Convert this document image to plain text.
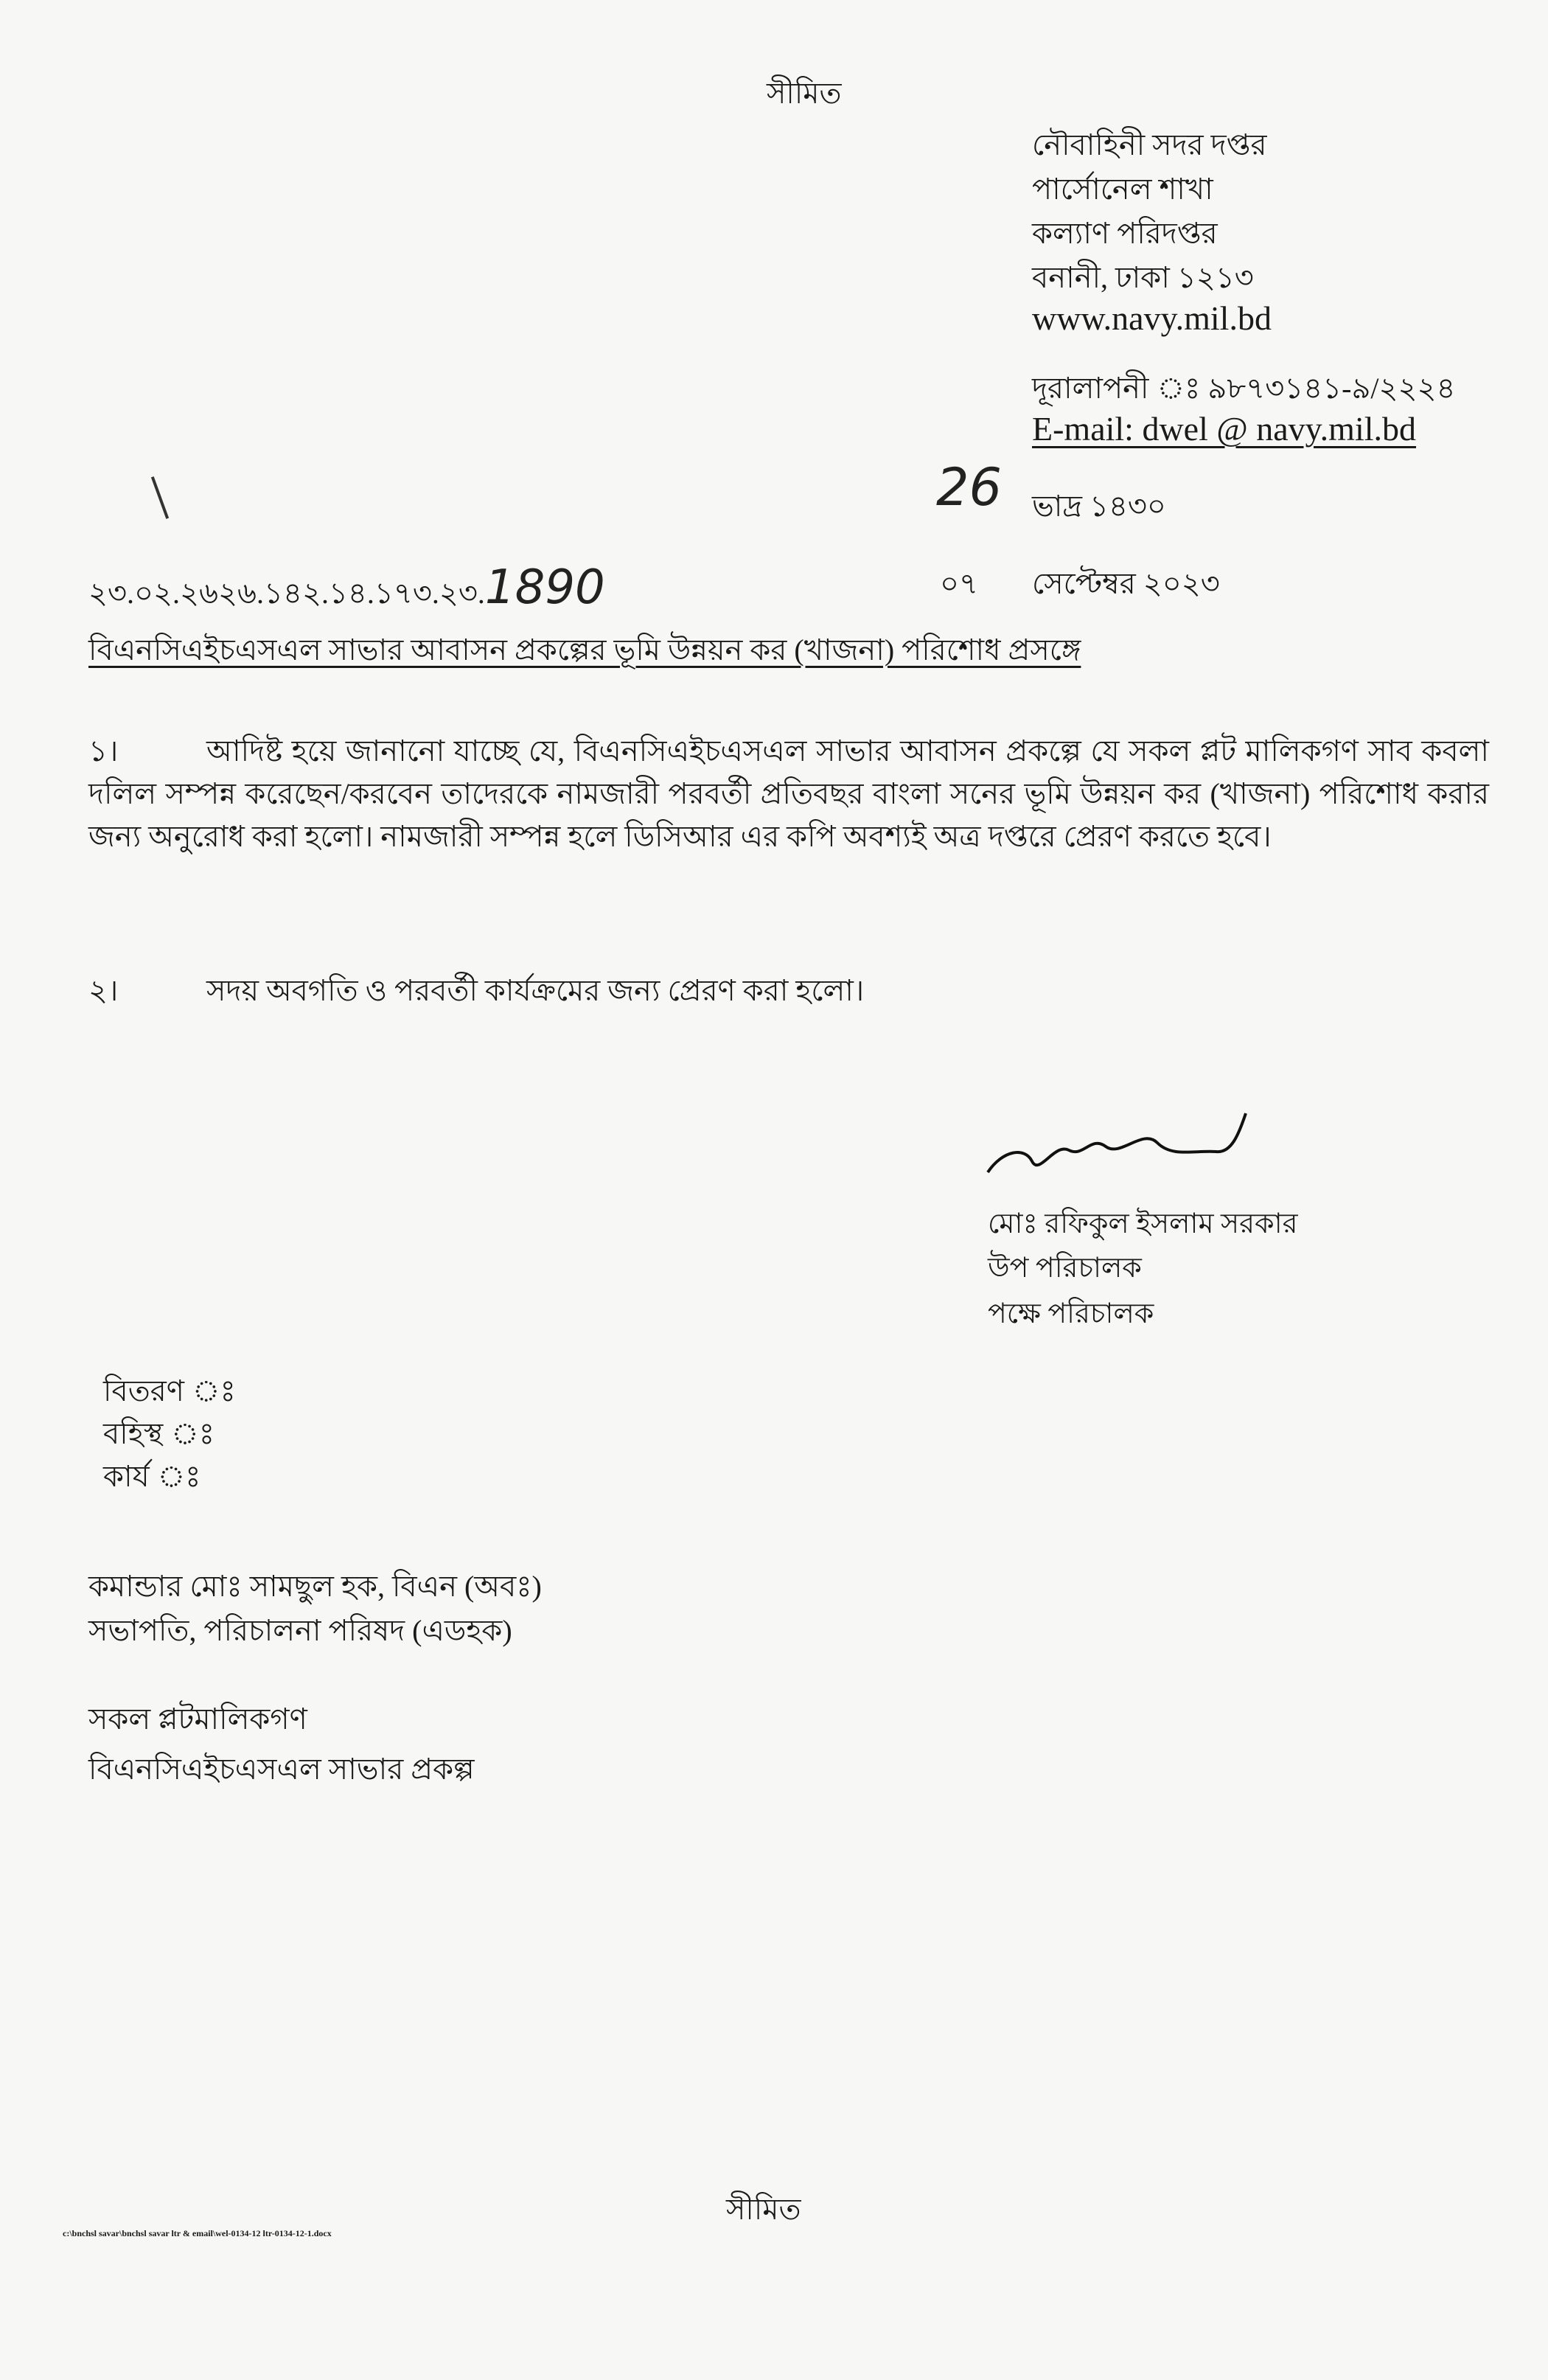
সীমিত
নৌবাহিনী সদর দপ্তর
পার্সোনেল শাখা
কল্যাণ পরিদপ্তর
বনানী, ঢাকা ১২১৩
www.navy.mil.bd
দূরালাপনী ঃ ৯৮৭৩১৪১-৯/২২২৪
E-mail: dwel @ navy.mil.bd
26 ভাদ্র ১৪৩০
২৩.০২.২৬২৬.১৪২.১৪.১৭৩.২৩.1890	০৭ সেপ্টেম্বর ২০২৩
বিএনসিএইচএসএল সাভার আবাসন প্রকল্পের ভূমি উন্নয়ন কর (খাজনা) পরিশোধ প্রসঙ্গে
১।	আদিষ্ট হয়ে জানানো যাচ্ছে যে, বিএনসিএইচএসএল সাভার আবাসন প্রকল্পে যে সকল প্লট মালিকগণ সাব কবলা দলিল সম্পন্ন করেছেন/করবেন তাদেরকে নামজারী পরবর্তী প্রতিবছর বাংলা সনের ভূমি উন্নয়ন কর (খাজনা) পরিশোধ করার জন্য অনুরোধ করা হলো। নামজারী সম্পন্ন হলে ডিসিআর এর কপি অবশ্যই অত্র দপ্তরে প্রেরণ করতে হবে।
২।	সদয় অবগতি ও পরবর্তী কার্যক্রমের জন্য প্রেরণ করা হলো।
মোঃ রফিকুল ইসলাম সরকার
উপ পরিচালক
পক্ষে পরিচালক
বিতরণ ঃ
বহিস্থ ঃ
কার্য ঃ
কমান্ডার মোঃ সামছুল হক, বিএন (অবঃ)
সভাপতি, পরিচালনা পরিষদ (এডহক)
সকল প্লটমালিকগণ
বিএনসিএইচএসএল সাভার প্রকল্প
সীমিত
c:\bnchsl savar\bnchsl savar ltr & email\wel-0134-12 ltr-0134-12-1.docx
